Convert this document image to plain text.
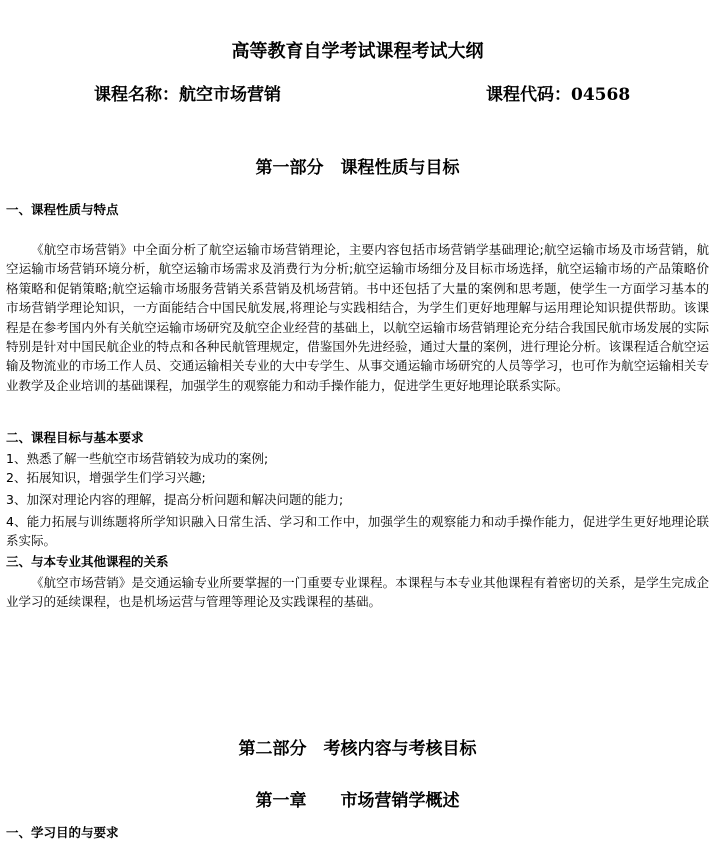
高等教育自学考试课程考试大纲
课程名称：航空市场营销	课程代码：04568
第一部分　课程性质与目标
一、课程性质与特点
《航空市场营销》中全面分析了航空运输市场营销理论，主要内容包括市场营销学基础理论;航空运输市场及市场营销，航空运输市场营销环境分析，航空运输市场需求及消费行为分析;航空运输市场细分及目标市场选择，航空运输市场的产品策略价格策略和促销策略;航空运输市场服务营销关系营销及机场营销。书中还包括了大量的案例和思考题，使学生一方面学习基本的市场营销学理论知识，一方面能结合中国民航发展,将理论与实践相结合，为学生们更好地理解与运用理论知识提供帮助。该课程是在参考国内外有关航空运输市场研究及航空企业经营的基础上，以航空运输市场营销理论充分结合我国民航市场发展的实际特别是针对中国民航企业的特点和各种民航管理规定，借鉴国外先进经验，通过大量的案例，进行理论分析。该课程适合航空运输及物流业的市场工作人员、交通运输相关专业的大中专学生、从事交通运输市场研究的人员等学习，也可作为航空运输相关专业教学及企业培训的基础课程，加强学生的观察能力和动手操作能力，促进学生更好地理论联系实际。
二、课程目标与基本要求
1、熟悉了解一些航空市场营销较为成功的案例;
2、拓展知识，增强学生们学习兴趣;
3、加深对理论内容的理解，提高分析问题和解决问题的能力;
4、能力拓展与训练题将所学知识融入日常生活、学习和工作中，加强学生的观察能力和动手操作能力，促进学生更好地理论联系实际。
三、与本专业其他课程的关系
《航空市场营销》是交通运输专业所要掌握的一门重要专业课程。本课程与本专业其他课程有着密切的关系，是学生完成企业学习的延续课程，也是机场运营与管理等理论及实践课程的基础。
第二部分　考核内容与考核目标
第一章　　市场营销学概述
一、学习目的与要求
